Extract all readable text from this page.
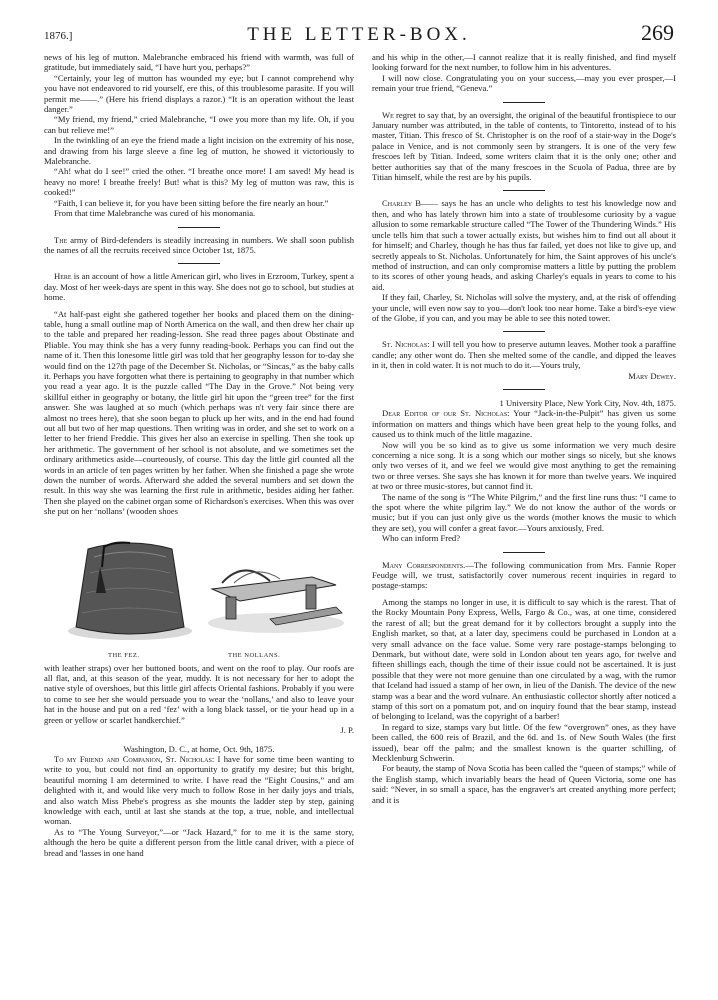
1876.]	THE LETTER-BOX.	269

news of his leg of mutton. Malebranche embraced his friend with warmth, was full of gratitude, but immediately said, “I have hurt you, perhaps?”

“Certainly, your leg of mutton has wounded my eye; but I cannot comprehend why you have not endeavored to rid yourself, ere this, of this troublesome parasite. If you will permit me——.” (Here his friend displays a razor.) “It is an operation without the least danger.”

“My friend, my friend,” cried Malebranche, “I owe you more than my life. Oh, if you can but relieve me!”

In the twinkling of an eye the friend made a light incision on the extremity of his nose, and drawing from his large sleeve a fine leg of mutton, he showed it victoriously to Malebranche.

“Ah! what do I see!” cried the other. “I breathe once more! I am saved! My head is heavy no more! I breathe freely! But! what is this? My leg of mutton was raw, this is cooked!”

“Faith, I can believe it, for you have been sitting before the fire nearly an hour.”

From that time Malebranche was cured of his monomania.

The army of Bird-defenders is steadily increasing in numbers. We shall soon publish the names of all the recruits received since October 1st, 1875.

Here is an account of how a little American girl, who lives in Erzroom, Turkey, spent a day. Most of her week-days are spent in this way. She does not go to school, but studies at home.

“At half-past eight she gathered together her books and placed them on the dining-table, hung a small outline map of North America on the wall, and then drew her chair up to the table and prepared her reading-lesson. She read three pages about Obstinate and Pliable. You may think she has a very funny reading-book. Perhaps you can find out the name of it. Then this lonesome little girl was told that her geography lesson for to-day she would find on the 127th page of the December St. Nicholas, or “Sincas,” as the baby calls it. Perhaps you have forgotten what there is pertaining to geography in that number which you read a year ago. It is the puzzle called “The Day in the Grove.” Not being very skillful either in geography or botany, the little girl hit upon the “green tree” for the first answer. She was laughed at so much (which perhaps was n't very fair since there are almost no trees here), that she soon began to pluck up her wits, and in the end had found out all but two of her map questions. Then writing was in order, and she set to work on a letter to her friend Freddie. This gives her also an exercise in spelling. Then she took up her arithmetic. The government of her school is not absolute, and we sometimes set the ordinary arithmetics aside—courteously, of course. This day the little girl counted all the words in an article of ten pages written by her father. When she finished a page she wrote down the number of words. Afterward she added the several numbers and set down the result. In this way she was learning the first rule in arithmetic, besides aiding her father. Then she played on the cabinet organ some of Richardson's exercises. When this was over she put on her ‘nollans’ (wooden shoes

THE FEZ.	THE NOLLANS.

with leather straps) over her buttoned boots, and went on the roof to play. Our roofs are all flat, and, at this season of the year, muddy. It is not necessary for her to adopt the native style of overshoes, but this little girl affects Oriental fashions. Probably if you were to come to see her she would persuade you to wear the ‘nollans,’ and also to leave your hat in the house and put on a red ‘fez’ with a long black tassel, or tie your head up in a green or yellow or scarlet handkerchief.”

J. P.

Washington, D. C., at home, Oct. 9th, 1875.

To my Friend and Companion, St. Nicholas: I have for some time been wanting to write to you, but could not find an opportunity to gratify my desire; but this bright, beautiful morning I am determined to write. I have read the “Eight Cousins,” and am delighted with it, and would like very much to follow Rose in her daily joys and trials, and also watch Miss Phebe's progress as she mounts the ladder step by step, gaining knowledge with each, until at last she stands at the top, a true, noble, and intellectual woman.

As to “The Young Surveyor,”—or “Jack Hazard,” for to me it is the same story, although the hero be quite a different person from the little canal driver, with a piece of bread and 'lasses in one hand

and his whip in the other,—I cannot realize that it is really finished, and find myself looking forward for the next number, to follow him in his adventures.

I will now close. Congratulating you on your success,—may you ever prosper,—I remain your true friend, “Geneva.”

We regret to say that, by an oversight, the original of the beautiful frontispiece to our January number was attributed, in the table of contents, to Tintoretto, instead of to his master, Titian. This fresco of St. Christopher is on the roof of a stair-way in the Doge's palace in Venice, and is not commonly seen by strangers. It is one of the very few frescoes left by Titian. Indeed, some writers claim that it is the only one; other and better authorities say that of the many frescoes in the Scuola of Padua, three are by Titian himself, while the rest are by his pupils.

Charley B—— says he has an uncle who delights to test his knowledge now and then, and who has lately thrown him into a state of troublesome curiosity by a vague allusion to some remarkable structure called “The Tower of the Thundering Winds.” His uncle tells him that such a tower actually exists, but wishes him to find out all about it for himself; and Charley, though he has thus far failed, yet does not like to give up, and secretly appeals to St. Nicholas. Unfortunately for him, the Saint approves of his uncle's method of instruction, and can only compromise matters a little by putting the problem to its scores of other young heads, and asking Charley's equals in years to come to his aid.

If they fail, Charley, St. Nicholas will solve the mystery, and, at the risk of offending your uncle, will even now say to you—don't look too near home. Take a bird's-eye view of the Globe, if you can, and you may be able to see this noted tower.

St. Nicholas: I will tell you how to preserve autumn leaves. Mother took a paraffine candle; any other wont do. Then she melted some of the candle, and dipped the leaves in it, then in cold water. It is not much to do it.—Yours truly,

Mary Dewey.

1 University Place, New York City, Nov. 4th, 1875.

Dear Editor of our St. Nicholas: Your “Jack-in-the-Pulpit” has given us some information on matters and things which have been great help to the young folks, and caused us to think much of the little magazine.

Now will you be so kind as to give us some information we very much desire concerning a nice song. It is a song which our mother sings so nicely, but she knows only two verses of it, and we feel we would give most anything to get the remaining two or three verses. She says she has known it for more than twelve years. We inquired at two or three music-stores, but cannot find it.

The name of the song is “The White Pilgrim,” and the first line runs thus: “I came to the spot where the white pilgrim lay.” We do not know the author of the words or music; but if you can just only give us the words (mother knows the music to which they are set), you will confer a great favor.—Yours anxiously, Fred.

Who can inform Fred?

Many Correspondents.—The following communication from Mrs. Fannie Roper Feudge will, we trust, satisfactorily cover numerous recent inquiries in regard to postage-stamps:

Among the stamps no longer in use, it is difficult to say which is the rarest. That of the Rocky Mountain Pony Express, Wells, Fargo & Co., was, at one time, considered the rarest of all; but the great demand for it by collectors brought a supply into the English market, so that, at a later day, specimens could be purchased in London at a very small advance on the face value. Some very rare postage-stamps belonging to Denmark, but without date, were sold in London about ten years ago, for twelve and fifteen shillings each, though the time of their issue could not be ascertained. It is just possible that they were not more genuine than one circulated by a wag, with the rumor that Iceland had issued a stamp of her own, in lieu of the Danish. The device of the new stamp was a bear and the word vulnare. An enthusiastic collector shortly after noticed a stamp of this sort on a pomatum pot, and on inquiry found that the bear stamp, instead of belonging to Iceland, was the copyright of a barber!

In regard to size, stamps vary but little. Of the few “overgrown” ones, as they have been called, the 600 reis of Brazil, and the 6d. and 1s. of New South Wales (the first issued), bear off the palm; and the smallest known is the quarter schilling, of Mecklenburg Schwerin.

For beauty, the stamp of Nova Scotia has been called the “queen of stamps;” while of the English stamp, which invariably bears the head of Queen Victoria, some one has said: “Never, in so small a space, has the engraver's art created anything more perfect; and it is
